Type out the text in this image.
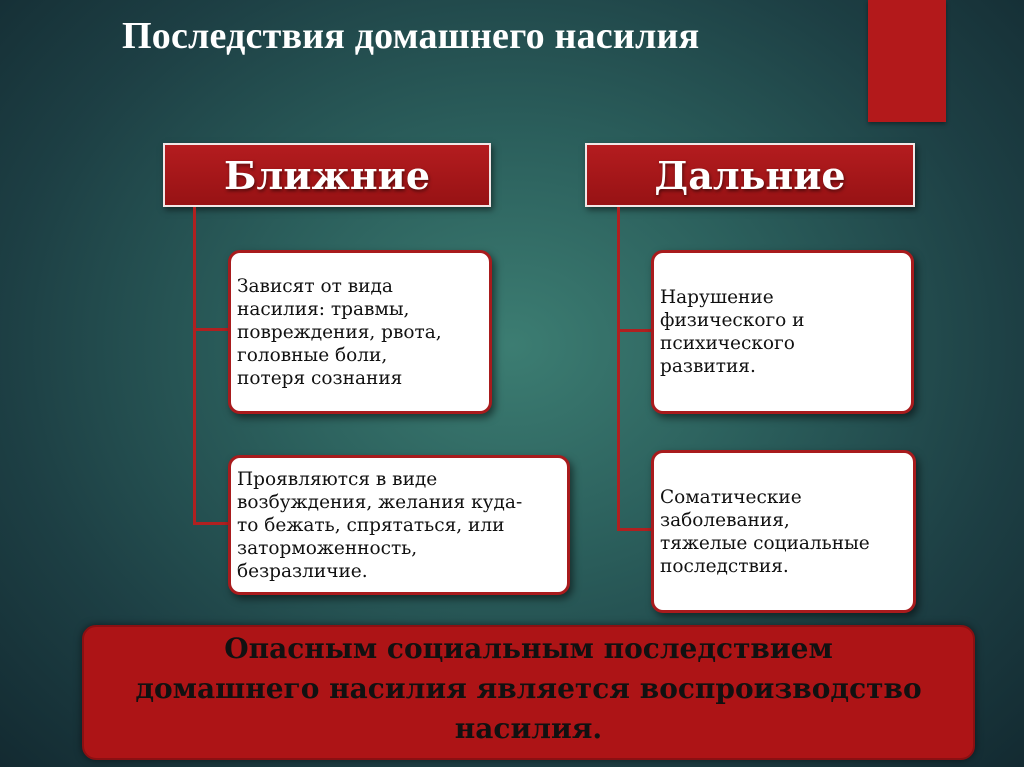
Последствия домашнего насилия
Ближние
Зависят от вида
насилия: травмы,
повреждения, рвота,
головные боли,
потеря сознания
Проявляются в виде
возбуждения, желания куда-
то бежать, спрятаться, или
заторможенность,
безразличие.
Дальние
Нарушение
физического и
психического
развития.
Соматические
заболевания,
тяжелые социальные
последствия.

Опасным социальным последствием
домашнего насилия является воспроизводство
насилия.
